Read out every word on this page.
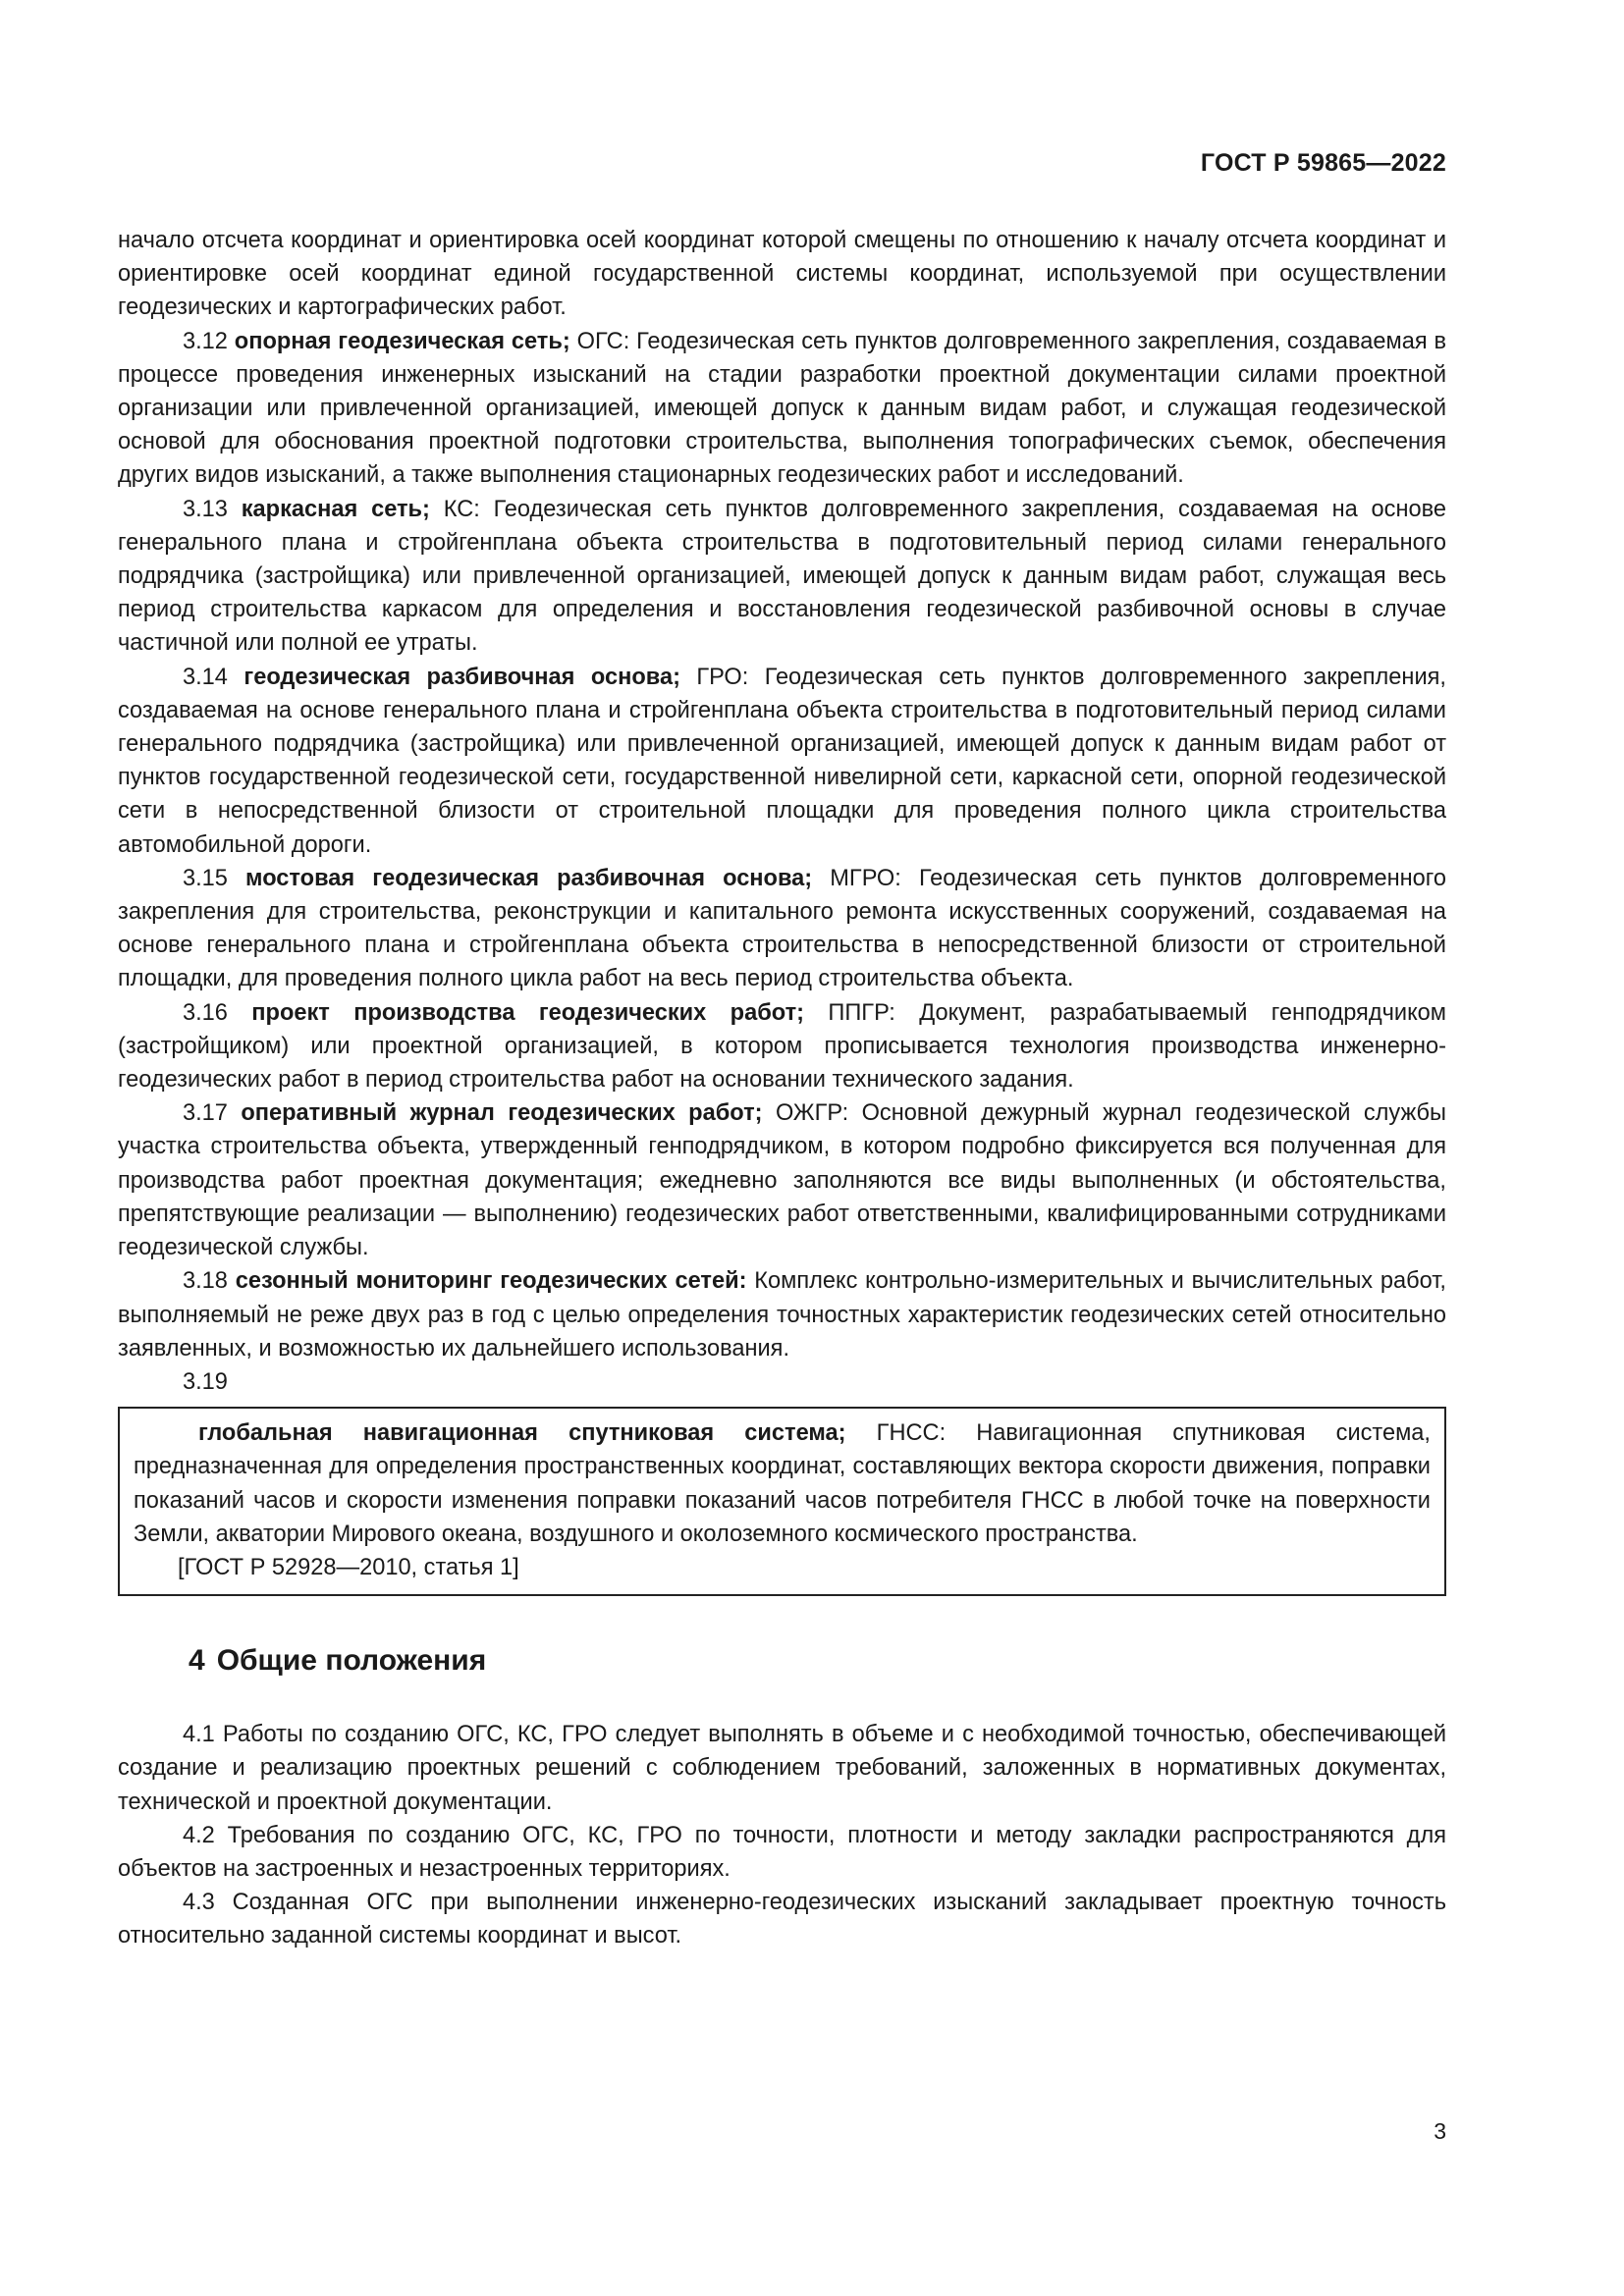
ГОСТ Р 59865—2022

начало отсчета координат и ориентировка осей координат которой смещены по отношению к началу отсчета координат и ориентировке осей координат единой государственной системы координат, используемой при осуществлении геодезических и картографических работ.

3.12 опорная геодезическая сеть; ОГС: Геодезическая сеть пунктов долговременного закрепления, создаваемая в процессе проведения инженерных изысканий на стадии разработки проектной документации силами проектной организации или привлеченной организацией, имеющей допуск к данным видам работ, и служащая геодезической основой для обоснования проектной подготовки строительства, выполнения топографических съемок, обеспечения других видов изысканий, а также выполнения стационарных геодезических работ и исследований.

3.13 каркасная сеть; КС: Геодезическая сеть пунктов долговременного закрепления, создаваемая на основе генерального плана и стройгенплана объекта строительства в подготовительный период силами генерального подрядчика (застройщика) или привлеченной организацией, имеющей допуск к данным видам работ, служащая весь период строительства каркасом для определения и восстановления геодезической разбивочной основы в случае частичной или полной ее утраты.

3.14 геодезическая разбивочная основа; ГРО: Геодезическая сеть пунктов долговременного закрепления, создаваемая на основе генерального плана и стройгенплана объекта строительства в подготовительный период силами генерального подрядчика (застройщика) или привлеченной организацией, имеющей допуск к данным видам работ от пунктов государственной геодезической сети, государственной нивелирной сети, каркасной сети, опорной геодезической сети в непосредственной близости от строительной площадки для проведения полного цикла строительства автомобильной дороги.

3.15 мостовая геодезическая разбивочная основа; МГРО: Геодезическая сеть пунктов долговременного закрепления для строительства, реконструкции и капитального ремонта искусственных сооружений, создаваемая на основе генерального плана и стройгенплана объекта строительства в непосредственной близости от строительной площадки, для проведения полного цикла работ на весь период строительства объекта.

3.16 проект производства геодезических работ; ППГР: Документ, разрабатываемый генподрядчиком (застройщиком) или проектной организацией, в котором прописывается технология производства инженерно-геодезических работ в период строительства работ на основании технического задания.

3.17 оперативный журнал геодезических работ; ОЖГР: Основной дежурный журнал геодезической службы участка строительства объекта, утвержденный генподрядчиком, в котором подробно фиксируется вся полученная для производства работ проектная документация; ежедневно заполняются все виды выполненных (и обстоятельства, препятствующие реализации — выполнению) геодезических работ ответственными, квалифицированными сотрудниками геодезической службы.

3.18 сезонный мониторинг геодезических сетей: Комплекс контрольно-измерительных и вычислительных работ, выполняемый не реже двух раз в год с целью определения точностных характеристик геодезических сетей относительно заявленных, и возможностью их дальнейшего использования.

3.19

глобальная навигационная спутниковая система; ГНСС: Навигационная спутниковая система, предназначенная для определения пространственных координат, составляющих вектора скорости движения, поправки показаний часов и скорости изменения поправки показаний часов потребителя ГНСС в любой точке на поверхности Земли, акватории Мирового океана, воздушного и околоземного космического пространства.

[ГОСТ Р 52928—2010, статья 1]

4 Общие положения

4.1 Работы по созданию ОГС, КС, ГРО следует выполнять в объеме и с необходимой точностью, обеспечивающей создание и реализацию проектных решений с соблюдением требований, заложенных в нормативных документах, технической и проектной документации.

4.2 Требования по созданию ОГС, КС, ГРО по точности, плотности и методу закладки распространяются для объектов на застроенных и незастроенных территориях.

4.3 Созданная ОГС при выполнении инженерно-геодезических изысканий закладывает проектную точность относительно заданной системы координат и высот.

3
